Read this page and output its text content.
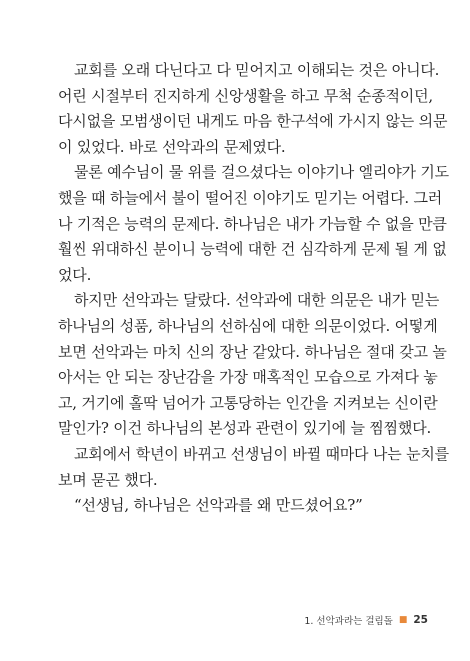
교회를 오래 다닌다고 다 믿어지고 이해되는 것은 아니다.
어린 시절부터 진지하게 신앙생활을 하고 무척 순종적이던,
다시없을 모범생이던 내게도 마음 한구석에 가시지 않는 의문
이 있었다. 바로 선악과의 문제였다.
물론 예수님이 물 위를 걸으셨다는 이야기나 엘리야가 기도
했을 때 하늘에서 불이 떨어진 이야기도 믿기는 어렵다. 그러
나 기적은 능력의 문제다. 하나님은 내가 가늠할 수 없을 만큼
훨씬 위대하신 분이니 능력에 대한 건 심각하게 문제 될 게 없
었다.
하지만 선악과는 달랐다. 선악과에 대한 의문은 내가 믿는
하나님의 성품, 하나님의 선하심에 대한 의문이었다. 어떻게
보면 선악과는 마치 신의 장난 같았다. 하나님은 절대 갖고 놀
아서는 안 되는 장난감을 가장 매혹적인 모습으로 가져다 놓
고, 거기에 홀딱 넘어가 고통당하는 인간을 지켜보는 신이란
말인가? 이건 하나님의 본성과 관련이 있기에 늘 찜찜했다.
교회에서 학년이 바뀌고 선생님이 바뀔 때마다 나는 눈치를
보며 묻곤 했다.
“선생님, 하나님은 선악과를 왜 만드셨어요?”
1. 선악과라는 걸림돌 ■ 25
